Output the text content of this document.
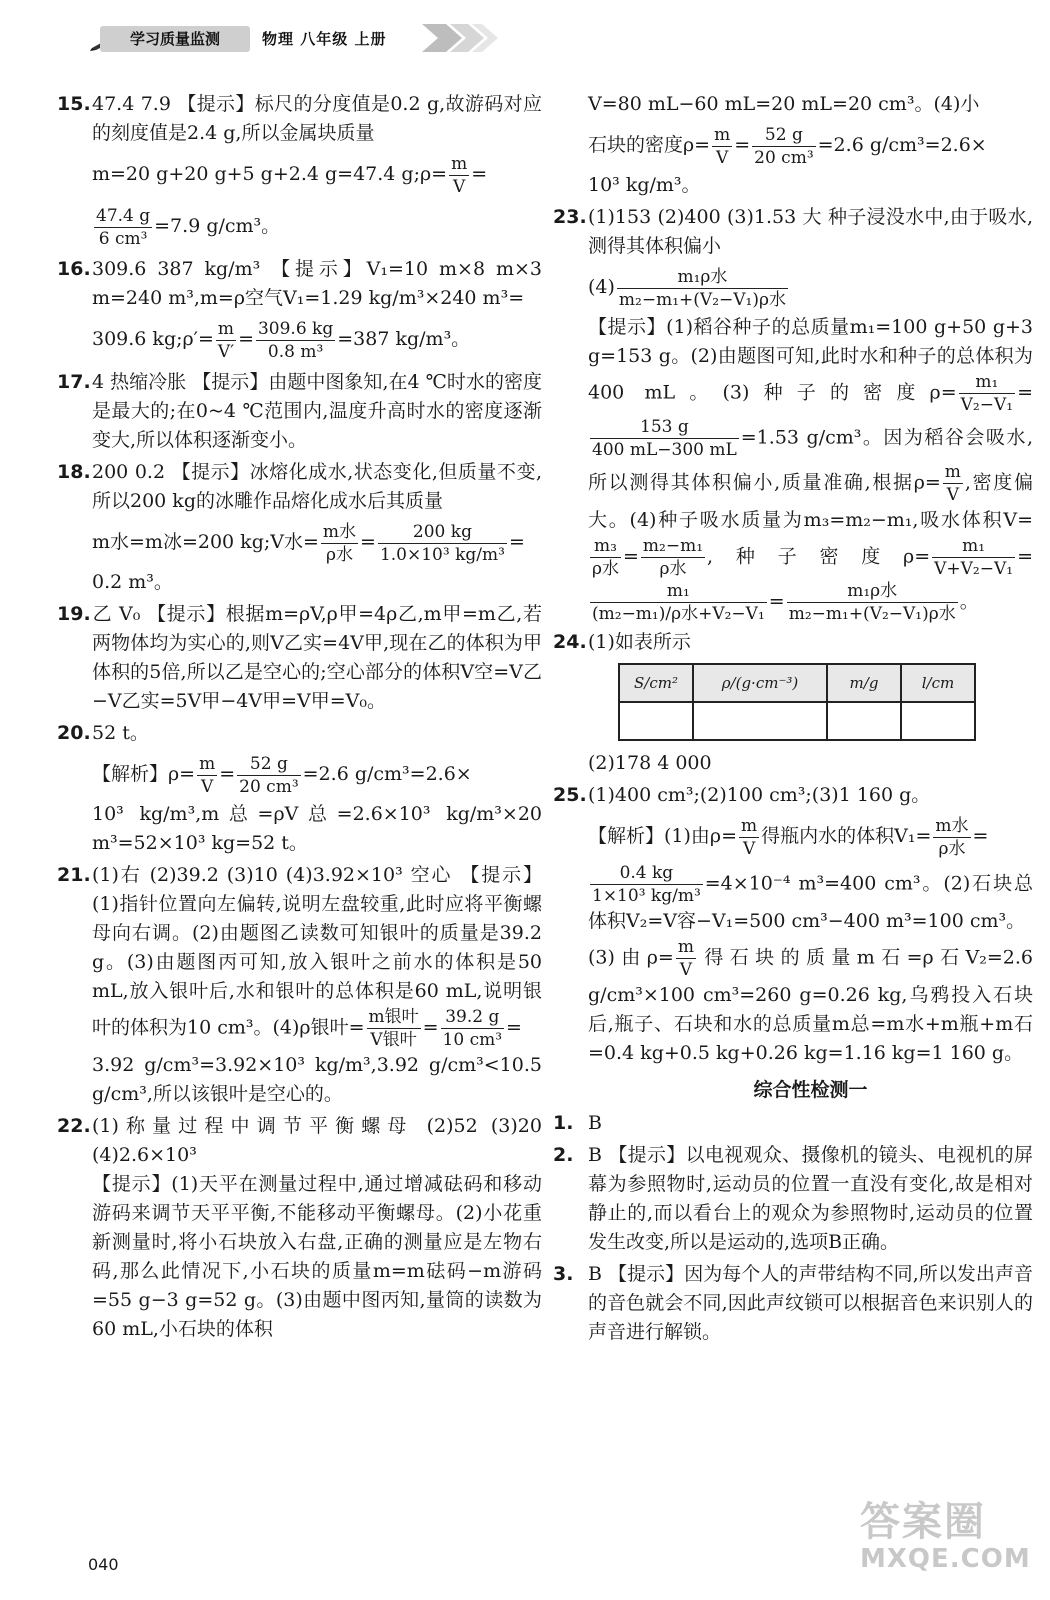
学习质量监测	物理 八年级 上册
15.47.4 7.9 【提示】标尺的分度值是0.2 g,故游码对应的刻度值是2.4 g,所以金属块质量
m=20 g+20 g+5 g+2.4 g=47.4 g;ρ= $\frac{m}{V}$ =
$\frac{47.4 g}{\text{6 cm³}} =7.9$ g/cm³。
16.309.6 387 kg/m³ 【提示】V₁=10 m×8 m×3 m=240 m³,m=ρ空气V₁=1.29 kg/m³×240 m³=
309.6 kg;ρ′= $\frac{m}{V'} = \frac{309.6 kg}{\text{0.8 m³}} =387$ kg/m³。
17.4 热缩冷胀 【提示】由题中图象知,在4 ℃时水的密度是最大的;在0~4 ℃范围内,温度升高时水的密度逐渐变大,所以体积逐渐变小。
18.200 0.2 【提示】冰熔化成水,状态变化,但质量不变,所以200 kg的冰雕作品熔化成水后其质量
m水=m冰=200 kg;V水= $\frac{\text{m水}}{\text{ρ水}} = \frac{200 kg}{\text{1.0×10³ kg/m³}}$ =
0.2 m³。
19.乙 V₀ 【提示】根据m=ρV,ρ甲=4ρ乙,m甲=m乙,若两物体均为实心的,则V乙实=4V甲,现在乙的体积为甲体积的5倍,所以乙是空心的;空心部分的体积V空=V乙−V乙实=5V甲−4V甲=V甲=V₀。
20.52 t。
【解析】$\rho= \frac{m}{V} = \frac{52 g}{\text{20 cm³}} =2.6$ g/cm³=2.6×
10³ kg/m³,m总=ρV总=2.6×10³ kg/m³×20 m³=52×10³ kg=52 t。
21.(1)右 (2)39.2 (3)10 (4)3.92×10³ 空心 【提示】(1)指针位置向左偏转,说明左盘较重,此时应将平衡螺母向右调。(2)由题图乙读数可知银叶的质量是39.2 g。(3)由题图丙可知,放入银叶之前水的体积是50 mL,放入银叶后,水和银叶的总体积是60 mL,说明银叶的体积为10 cm³。(4)ρ银叶= $\frac{\text{m银叶}}{\text{V银叶}} = \frac{39.2 g}{\text{10 cm³}}$ =
3.92 g/cm³=3.92×10³ kg/m³,3.92 g/cm³<10.5 g/cm³,所以该银叶是空心的。
22.(1)称量过程中调节平衡螺母 (2)52 (3)20 (4)2.6×10³
【提示】(1)天平在测量过程中,通过增减砝码和移动游码来调节天平平衡,不能移动平衡螺母。(2)小花重新测量时,将小石块放入右盘,正确的测量应是左物右码,那么此情况下,小石块的质量m=m砝码−m游码=55 g−3 g=52 g。(3)由题中图丙知,量筒的读数为60 mL,小石块的体积
V=80 mL−60 mL=20 mL=20 cm³。(4)小
石块的密度$\rho= \frac{m}{V} = \frac{52 g}{\text{20 cm³}} =2.6$ g/cm³=2.6×
10³ kg/m³。
23.(1)153 (2)400 (3)1.53 大 种子浸没水中,由于吸水,测得其体积偏小
$(4) \frac{\text{m₁ρ水}}{\text{m₂−m₁+(V₂−V₁)ρ水}}$
【提示】(1)稻谷种子的总质量m₁=100 g+50 g+3 g=153 g。(2)由题图可知,此时水和种子的总体积为400 mL。(3)种子的密度$\rho= \frac{\text{m₁}}{\text{V₂−V₁}}$ =
$\frac{153 g}{400 mL-300 mL} =1.53$ g/cm³。因为稻谷会吸水,所以测得其体积偏小,质量准确,根据$\rho= \frac{m}{V}$ ,密度偏大。(4)种子吸水质量为m₃=m₂−m₁,吸水体积V=
$\frac{\text{m₃}}{\text{ρ水}} = \frac{\text{m₂−m₁}}{\text{ρ水}}$ ,种子密度$\rho= \frac{\text{m₁}}{\text{V+V₂−V₁}}$ =
$\frac{\text{m₁}}{\text{(m₂−m₁)/ρ水+V₂−V₁}} = \frac{\text{m₁ρ水}}{\text{m₂−m₁+(V₂−V₁)ρ水}}$ 。
24.(1)如表所示
S/cm²	ρ/(g·cm⁻³)	m/g	l/cm

(2)178 4 000
25.(1)400 cm³;(2)100 cm³;(3)1 160 g。
【解析】(1)由$\rho= \frac{m}{V}$ 得瓶内水的体积$V_1= \frac{\text{m水}}{\text{ρ水}}$ =
$\frac{0.4 kg}{\text{1×10³ kg/m³}} =4\times 10^{-4}$ m³=400 cm³。(2)石块总体积V₂=V容−V₁=500 cm³−400 m³=100 cm³。
(3)由$\rho= \frac{m}{V}$ 得石块的质量m石=ρ石V₂=2.6 g/cm³×100 cm³=260 g=0.26 kg,乌鸦投入石块后,瓶子、石块和水的总质量m总=m水+m瓶+m石=0.4 kg+0.5 kg+0.26 kg=1.16 kg=1 160 g。
综合性检测一
1. B
2. B 【提示】以电视观众、摄像机的镜头、电视机的屏幕为参照物时,运动员的位置一直没有变化,故是相对静止的,而以看台上的观众为参照物时,运动员的位置发生改变,所以是运动的,选项B正确。
3. B 【提示】因为每个人的声带结构不同,所以发出声音的音色就会不同,因此声纹锁可以根据音色来识别人的声音进行解锁。
040
答案圈
MXQE.COM
